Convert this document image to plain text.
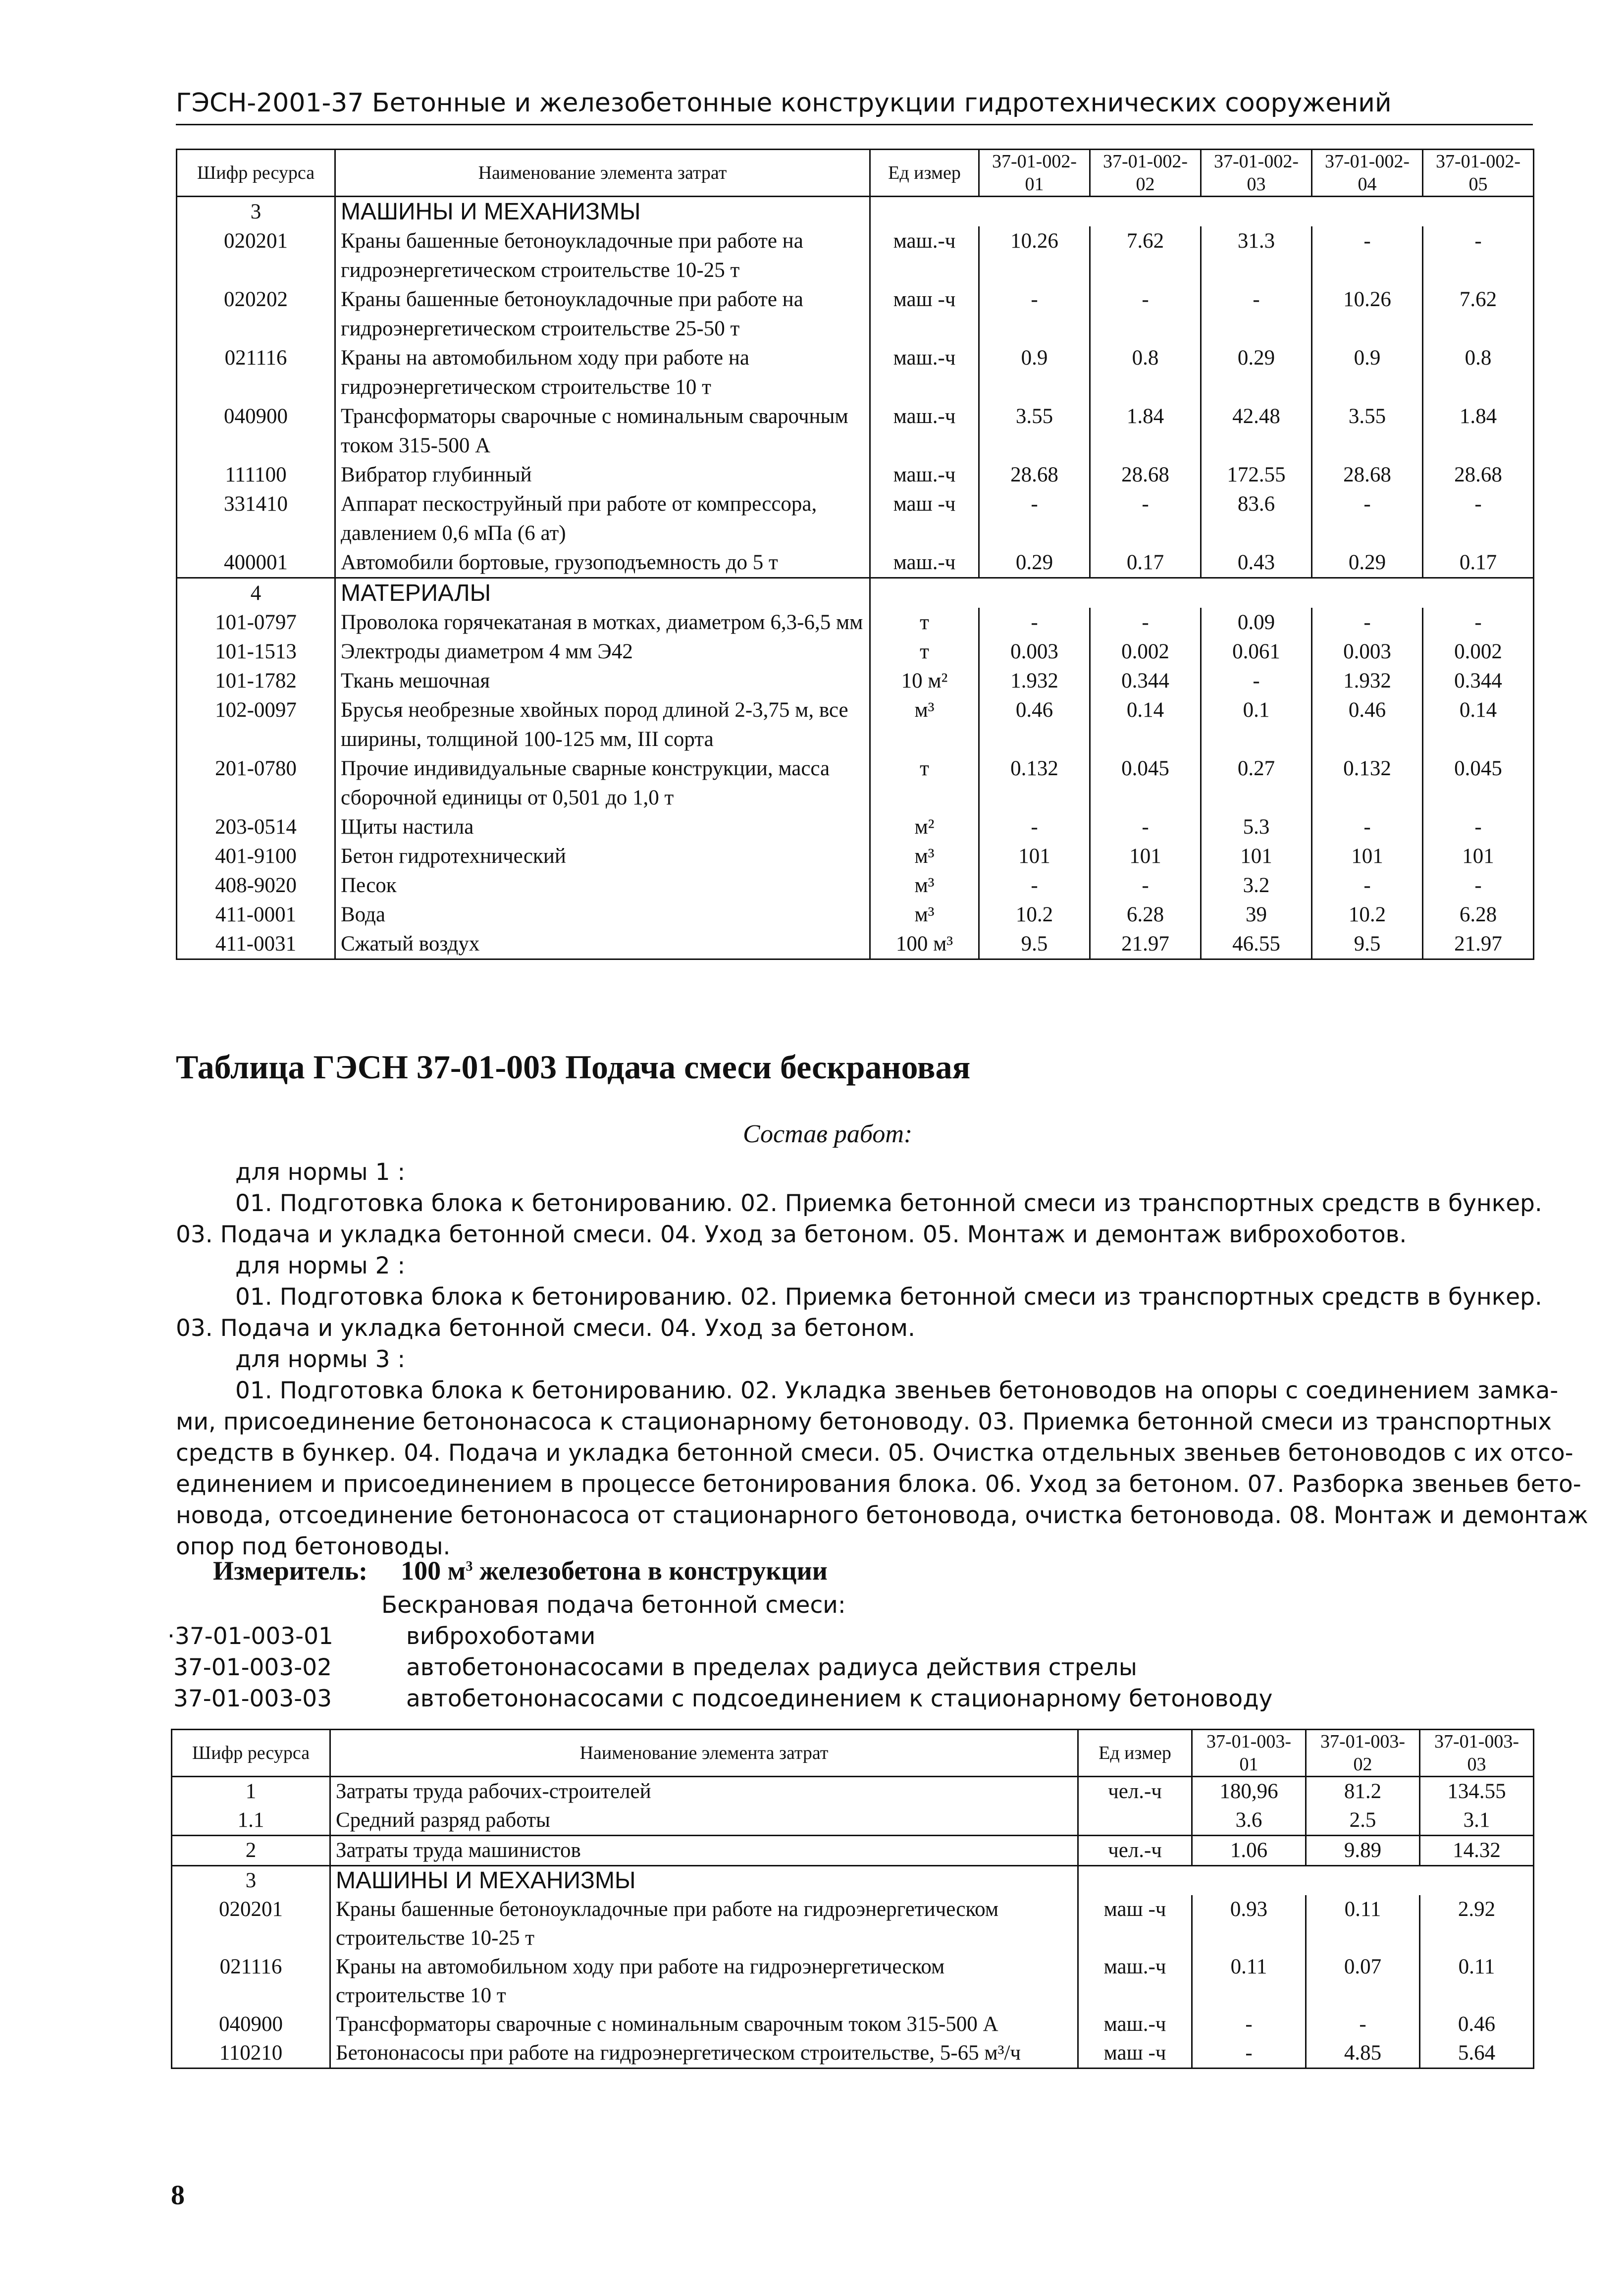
ГЭСН-2001-37 Бетонные и железобетонные конструкции гидротехнических сооружений
Шифр ресурса	Наименование элемента затрат	Ед измер	37-01-002-01	37-01-002-02	37-01-002-03	37-01-002-04	37-01-002-05
3	МАШИНЫ И МЕХАНИЗМЫ						
020201	Краны башенные бетоноукладочные при работе на гидроэнергетическом строительстве 10-25 т	маш.-ч	10.26	7.62	31.3	-	-
020202	Краны башенные бетоноукладочные при работе на гидроэнергетическом строительстве 25-50 т	маш -ч	-	-	-	10.26	7.62
021116	Краны на автомобильном ходу при работе на гидроэнергетическом строительстве 10 т	маш.-ч	0.9	0.8	0.29	0.9	0.8
040900	Трансформаторы сварочные с номинальным сварочным током 315-500 А	маш.-ч	3.55	1.84	42.48	3.55	1.84
111100	Вибратор глубинный	маш.-ч	28.68	28.68	172.55	28.68	28.68
331410	Аппарат пескоструйный при работе от компрессора, давлением 0,6 мПа (6 ат)	маш -ч	-	-	83.6	-	-
400001	Автомобили бортовые, грузоподъемность до 5 т	маш.-ч	0.29	0.17	0.43	0.29	0.17
4	МАТЕРИАЛЫ						
101-0797	Проволока горячекатаная в мотках, диаметром 6,3-6,5 мм	т	-	-	0.09	-	-
101-1513	Электроды диаметром 4 мм Э42	т	0.003	0.002	0.061	0.003	0.002
101-1782	Ткань мешочная	10 м²	1.932	0.344	-	1.932	0.344
102-0097	Брусья необрезные хвойных пород длиной 2-3,75 м, все ширины, толщиной 100-125 мм, III сорта	м³	0.46	0.14	0.1	0.46	0.14
201-0780	Прочие индивидуальные сварные конструкции, масса сборочной единицы от 0,501 до 1,0 т	т	0.132	0.045	0.27	0.132	0.045
203-0514	Щиты настила	м²	-	-	5.3	-	-
401-9100	Бетон гидротехнический	м³	101	101	101	101	101
408-9020	Песок	м³	-	-	3.2	-	-
411-0001	Вода	м³	10.2	6.28	39	10.2	6.28
411-0031	Сжатый воздух	100 м³	9.5	21.97	46.55	9.5	21.97
Таблица ГЭСН 37-01-003 Подача смеси бескрановая
Состав работ:
для нормы 1 :
01. Подготовка блока к бетонированию. 02. Приемка бетонной смеси из транспортных средств в бункер.
03. Подача и укладка бетонной смеси. 04. Уход за бетоном. 05. Монтаж и демонтаж виброхоботов.
для нормы 2 :
01. Подготовка блока к бетонированию. 02. Приемка бетонной смеси из транспортных средств в бункер.
03. Подача и укладка бетонной смеси. 04. Уход за бетоном.
для нормы 3 :
01. Подготовка блока к бетонированию. 02. Укладка звеньев бетоноводов на опоры с соединением замка-
ми, присоединение бетононасоса к стационарному бетоноводу. 03. Приемка бетонной смеси из транспортных
средств в бункер. 04. Подача и укладка бетонной смеси. 05. Очистка отдельных звеньев бетоноводов с их отсо-
единением и присоединением в процессе бетонирования блока. 06. Уход за бетоном. 07. Разборка звеньев бето-
новода, отсоединение бетононасоса от стационарного бетоновода, очистка бетоновода. 08. Монтаж и демонтаж
опор под бетоноводы.
Измеритель: 100 $м^3$ железобетона в конструкции
Бескрановая подача бетонной смеси:
·37-01-003-01	виброхоботами
37-01-003-02	автобетононасосами в пределах радиуса действия стрелы
37-01-003-03	автобетононасосами с подсоединением к стационарному бетоноводу
Шифр ресурса	Наименование элемента затрат	Ед измер	37-01-003-01	37-01-003-02	37-01-003-03
1	Затраты труда рабочих-строителей	чел.-ч	180,96	81.2	134.55
1.1	Средний разряд работы		3.6	2.5	3.1
2	Затраты труда машинистов	чел.-ч	1.06	9.89	14.32
3	МАШИНЫ И МЕХАНИЗМЫ				
020201	Краны башенные бетоноукладочные при работе на гидроэнергетическом строительстве 10-25 т	маш -ч	0.93	0.11	2.92
021116	Краны на автомобильном ходу при работе на гидроэнергетическом строительстве 10 т	маш.-ч	0.11	0.07	0.11
040900	Трансформаторы сварочные с номинальным сварочным током 315-500 А	маш.-ч	-	-	0.46
110210	Бетононасосы при работе на гидроэнергетическом строительстве, 5-65 м³/ч	маш -ч	-	4.85	5.64
8
